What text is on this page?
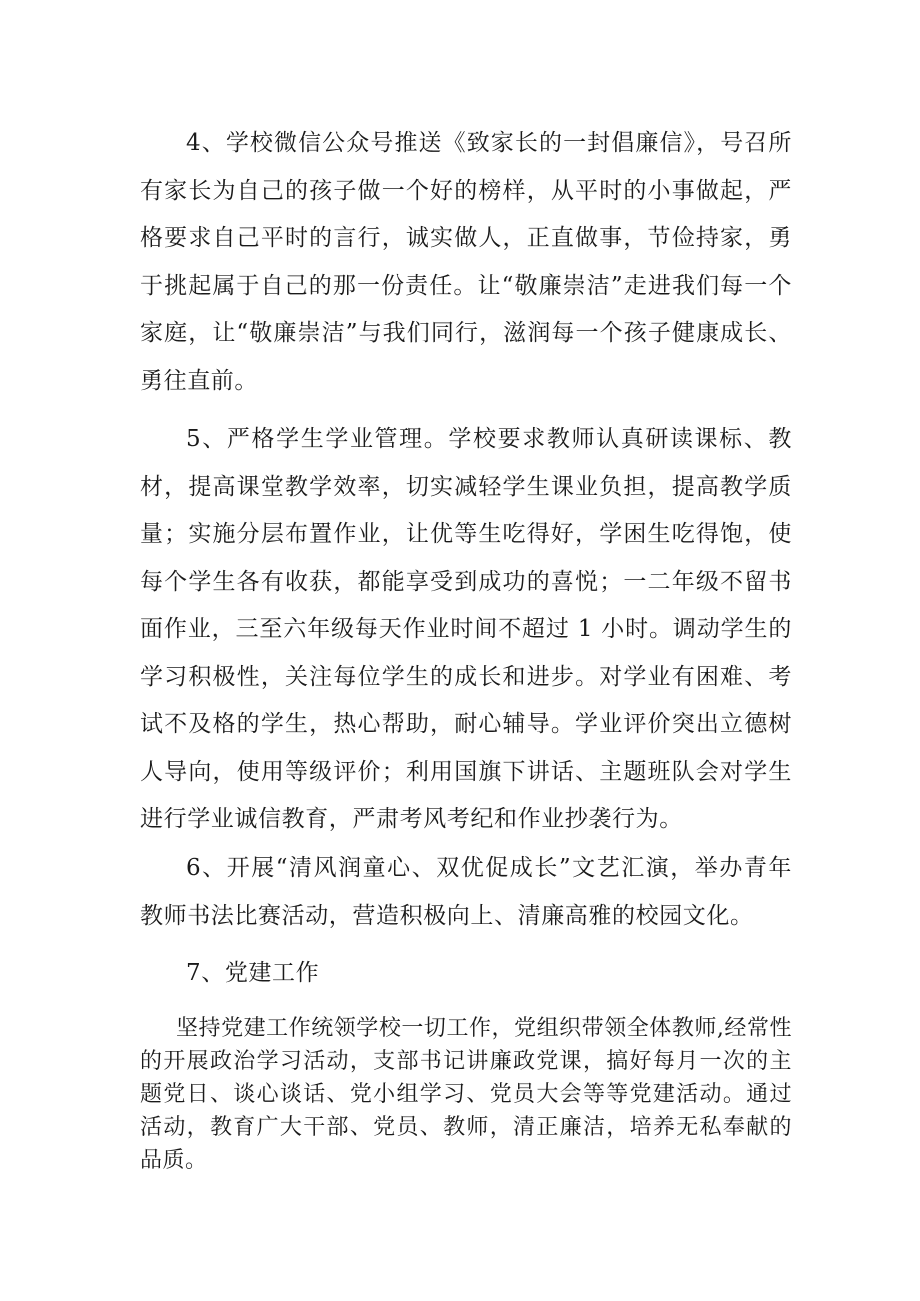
4、学校微信公众号推送《致家长的一封倡廉信》，号召所有家长为自己的孩子做一个好的榜样，从平时的小事做起，严格要求自己平时的言行，诚实做人，正直做事，节俭持家，勇于挑起属于自己的那一份责任。让“敬廉崇洁”走进我们每一个家庭，让“敬廉崇洁”与我们同行，滋润每一个孩子健康成长、勇往直前。

5、严格学生学业管理。学校要求教师认真研读课标、教材，提高课堂教学效率，切实减轻学生课业负担，提高教学质量；实施分层布置作业，让优等生吃得好，学困生吃得饱，使每个学生各有收获，都能享受到成功的喜悦；一二年级不留书面作业，三至六年级每天作业时间不超过 1 小时。调动学生的学习积极性，关注每位学生的成长和进步。对学业有困难、考试不及格的学生，热心帮助，耐心辅导。学业评价突出立德树人导向，使用等级评价；利用国旗下讲话、主题班队会对学生进行学业诚信教育，严肃考风考纪和作业抄袭行为。

6、开展“清风润童心、双优促成长”文艺汇演，举办青年教师书法比赛活动，营造积极向上、清廉高雅的校园文化。

7、党建工作

坚持党建工作统领学校一切工作，党组织带领全体教师,经常性的开展政治学习活动，支部书记讲廉政党课，搞好每月一次的主题党日、谈心谈话、党小组学习、党员大会等等党建活动。通过活动，教育广大干部、党员、教师，清正廉洁，培养无私奉献的品质。
